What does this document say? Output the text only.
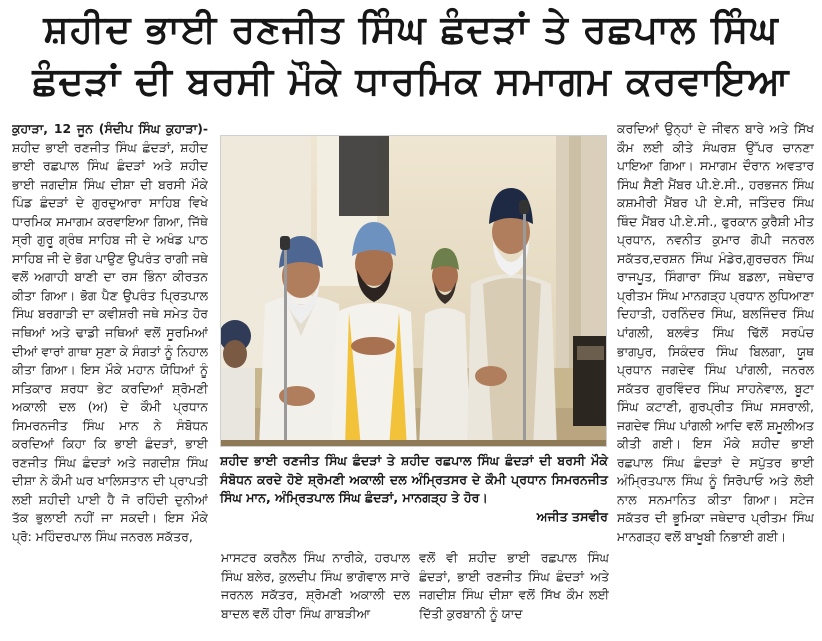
ਸ਼ਹੀਦ ਭਾਈ ਰਣਜੀਤ ਸਿੰਘ ਛੰਦੜਾਂ ਤੇ ਰਛਪਾਲ ਸਿੰਘ
ਛੰਦੜਾਂ ਦੀ ਬਰਸੀ ਮੌਕੇ ਧਾਰਮਿਕ ਸਮਾਗਮ ਕਰਵਾਇਆ

ਕੁਹਾੜਾ, 12 ਜੂਨ (ਸੰਦੀਪ ਸਿੰਘ ਕੁਹਾੜਾ)-ਸ਼ਹੀਦ ਭਾਈ ਰਣਜੀਤ ਸਿੰਘ ਛੰਦੜਾਂ, ਸ਼ਹੀਦ ਭਾਈ ਰਛਪਾਲ ਸਿੰਘ ਛੰਦੜਾਂ ਅਤੇ ਸ਼ਹੀਦ ਭਾਈ ਜਗਦੀਸ਼ ਸਿੰਘ ਦੀਸ਼ਾ ਦੀ ਬਰਸੀ ਮੌਕੇ ਪਿੰਡ ਛੰਦੜਾਂ ਦੇ ਗੁਰਦੁਆਰਾ ਸਾਹਿਬ ਵਿਖੇ ਧਾਰਮਿਕ ਸਮਾਗਮ ਕਰਵਾਇਆ ਗਿਆ, ਜਿੱਥੇ ਸ੍ਰੀ ਗੁਰੂ ਗ੍ਰੰਥ ਸਾਹਿਬ ਜੀ ਦੇ ਅਖੰਡ ਪਾਠ ਸਾਹਿਬ ਜੀ ਦੇ ਭੋਗ ਪਾਉਣ ਉਪਰੰਤ ਰਾਗੀ ਜਥੇ ਵਲੋਂ ਅਗਾਹੀ ਬਾਣੀ ਦਾ ਰਸ ਭਿੰਨਾ ਕੀਰਤਨ ਕੀਤਾ ਗਿਆ। ਭੋਗ ਪੈਣ ਉਪਰੰਤ ਪ੍ਰਿਤਪਾਲ ਸਿੰਘ ਬਰਗਾੜੀ ਦਾ ਕਵੀਸ਼ਰੀ ਜਥੇ ਸਮੇਤ ਹੋਰ ਜਥਿਆਂ ਅਤੇ ਢਾਡੀ ਜਥਿਆਂ ਵਲੋਂ ਸੂਰਮਿਆਂ ਦੀਆਂ ਵਾਰਾਂ ਗਾਥਾ ਸੁਣਾ ਕੇ ਸੰਗਤਾਂ ਨੂੰ ਨਿਹਾਲ ਕੀਤਾ ਗਿਆ। ਇਸ ਮੌਕੇ ਮਹਾਨ ਯੋਧਿਆਂ ਨੂੰ ਸਤਿਕਾਰ ਸ਼ਰਧਾ ਭੇਟ ਕਰਦਿਆਂ ਸ਼੍ਰੋਮਣੀ ਅਕਾਲੀ ਦਲ (ਅ) ਦੇ ਕੌਮੀ ਪ੍ਰਧਾਨ ਸਿਮਰਨਜੀਤ ਸਿੰਘ ਮਾਨ ਨੇ ਸੰਬੋਧਨ ਕਰਦਿਆਂ ਕਿਹਾ ਕਿ ਭਾਈ ਛੰਦੜਾਂ, ਭਾਈ ਰਣਜੀਤ ਸਿੰਘ ਛੰਦੜਾਂ ਅਤੇ ਜਗਦੀਸ਼ ਸਿੰਘ ਦੀਸ਼ਾ ਨੇ ਕੌਮੀ ਘਰ ਖਾਲਿਸਤਾਨ ਦੀ ਪ੍ਰਾਪਤੀ ਲਈ ਸ਼ਹੀਦੀ ਪਾਈ ਹੈ ਜੋ ਰਹਿੰਦੀ ਦੁਨੀਆਂ ਤੱਕ ਭੁਲਾਈ ਨਹੀਂ ਜਾ ਸਕਦੀ। ਇਸ ਮੌਕੇ ਪ੍ਰੋ: ਮਹਿੰਦਰਪਾਲ ਸਿੰਘ ਜਨਰਲ ਸਕੱਤਰ,

ਸ਼ਹੀਦ ਭਾਈ ਰਣਜੀਤ ਸਿੰਘ ਛੰਦੜਾਂ ਤੇ ਸ਼ਹੀਦ ਰਛਪਾਲ ਸਿੰਘ ਛੰਦੜਾਂ ਦੀ ਬਰਸੀ ਮੌਕੇ ਸੰਬੋਧਨ ਕਰਦੇ ਹੋਏ ਸ਼੍ਰੋਮਣੀ ਅਕਾਲੀ ਦਲ ਅੰਮ੍ਰਿਤਸਰ ਦੇ ਕੌਮੀ ਪ੍ਰਧਾਨ ਸਿਮਰਨਜੀਤ ਸਿੰਘ ਮਾਨ, ਅੰਮ੍ਰਿਤਪਾਲ ਸਿੰਘ ਛੰਦੜਾਂ, ਮਾਨਗੜ੍ਹ ਤੇ ਹੋਰ।
ਅਜੀਤ ਤਸਵੀਰ

ਮਾਸਟਰ ਕਰਨੈਲ ਸਿੰਘ ਨਾਰੀਕੇ, ਹਰਪਾਲ ਸਿੰਘ ਬਲੇਰ, ਕੁਲਦੀਪ ਸਿੰਘ ਭਾਗੋਵਾਲ ਸਾਰੇ ਜਰਨਲ ਸਕੱਤਰ, ਸ਼੍ਰੋਮਣੀ ਅਕਾਲੀ ਦਲ ਬਾਦਲ ਵਲੋਂ ਹੀਰਾ ਸਿੰਘ ਗਾਬੜੀਆ

ਵਲੋਂ ਵੀ ਸ਼ਹੀਦ ਭਾਈ ਰਛਪਾਲ ਸਿੰਘ ਛੰਦੜਾਂ, ਭਾਈ ਰਣਜੀਤ ਸਿੰਘ ਛੰਦੜਾਂ ਅਤੇ ਜਗਦੀਸ਼ ਸਿੰਘ ਦੀਸ਼ਾ ਵਲੋਂ ਸਿੱਖ ਕੌਮ ਲਈ ਦਿੱਤੀ ਕੁਰਬਾਨੀ ਨੂੰ ਯਾਦ

ਕਰਦਿਆਂ ਉਨ੍ਹਾਂ ਦੇ ਜੀਵਨ ਬਾਰੇ ਅਤੇ ਸਿੱਖ ਕੌਮ ਲਈ ਕੀਤੇ ਸੰਘਰਸ਼ ਉੱਪਰ ਚਾਨਣਾ ਪਾਇਆ ਗਿਆ। ਸਮਾਗਮ ਦੌਰਾਨ ਅਵਤਾਰ ਸਿੰਘ ਸੈਣੀ ਮੈਂਬਰ ਪੀ.ਏ.ਸੀ., ਹਰਭਜਨ ਸਿੰਘ ਕਸ਼ਮੀਰੀ ਮੈਂਬਰ ਪੀ ਏ.ਸੀ, ਜਤਿੰਦਰ ਸਿੰਘ ਥਿੰਦ ਮੈਂਬਰ ਪੀ.ਏ.ਸੀ., ਫੁਰਕਾਨ ਕੁਰੈਸ਼ੀ ਮੀਤ ਪ੍ਰਧਾਨ, ਨਵਨੀਤ ਕੁਮਾਰ ਗੋਪੀ ਜਨਰਲ ਸਕੱਤਰ,ਦਰਸ਼ਨ ਸਿੰਘ ਮੰਡੇਰ,ਗੁਰਚਰਨ ਸਿੰਘ ਰਾਜਪੂਤ, ਸਿੰਗਾਰਾ ਸਿੰਘ ਬਡਲਾ, ਜਥੇਦਾਰ ਪ੍ਰੀਤਮ ਸਿੰਘ ਮਾਨਗੜ੍ਹ ਪ੍ਰਧਾਨ ਲੁਧਿਆਣਾ ਦਿਹਾਤੀ, ਹਰਨਿੰਦਰ ਸਿੰਘ, ਬਲਜਿੰਦਰ ਸਿੰਘ ਪਾਂਗਲੀ, ਬਲਵੰਤ ਸਿੰਘ ਢਿੱਲੋਂ ਸਰਪੰਚ ਭਾਗਪੁਰ, ਸਿਕੰਦਰ ਸਿੰਘ ਬਿਲਗਾ, ਯੂਥ ਪ੍ਰਧਾਨ ਜਗਦੇਵ ਸਿੰਘ ਪਾਂਗਲੀ, ਜਨਰਲ ਸਕੱਤਰ ਗੁਰਵਿੰਦਰ ਸਿੰਘ ਸਾਹਨੇਵਾਲ, ਬੂਟਾ ਸਿੰਘ ਕਟਾਣੀ, ਗੁਰਪ੍ਰੀਤ ਸਿੰਘ ਸਸਰਾਲੀ, ਜਗਦੇਵ ਸਿੰਘ ਪਾਂਗਲੀ ਆਦਿ ਵਲੋਂ ਸ਼ਮੂਲੀਅਤ ਕੀਤੀ ਗਈ। ਇਸ ਮੌਕੇ ਸ਼ਹੀਦ ਭਾਈ ਰਛਪਾਲ ਸਿੰਘ ਛੰਦੜਾਂ ਦੇ ਸਪੁੱਤਰ ਭਾਈ ਅੰਮ੍ਰਿਤਪਾਲ ਸਿੰਘ ਨੂੰ ਸਿਰੋਪਾਓ ਅਤੇ ਲੋਈ ਨਾਲ ਸਨਮਾਨਿਤ ਕੀਤਾ ਗਿਆ। ਸਟੇਜ ਸਕੱਤਰ ਦੀ ਭੂਮਿਕਾ ਜਥੇਦਾਰ ਪ੍ਰੀਤਮ ਸਿੰਘ ਮਾਨਗੜ੍ਹ ਵਲੋਂ ਬਾਖੂਬੀ ਨਿਭਾਈ ਗਈ।
